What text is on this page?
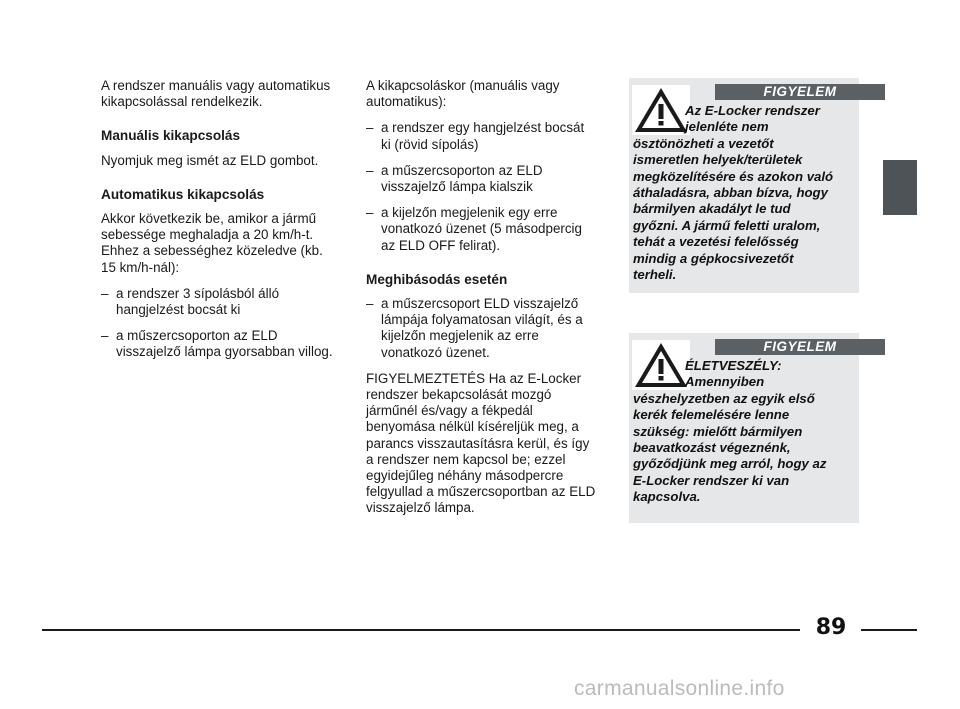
A rendszer manuális vagy automatikus kikapcsolással rendelkezik.

Manuális kikapcsolás

Nyomjuk meg ismét az ELD gombot.

Automatikus kikapcsolás

Akkor következik be, amikor a jármű sebessége meghaladja a 20 km/h-t. Ehhez a sebességhez közeledve (kb. 15 km/h-nál):

– a rendszer 3 sípolásból álló hangjelzést bocsát ki
– a műszercsoporton az ELD visszajelző lámpa gyorsabban villog.

A kikapcsoláskor (manuális vagy automatikus):

– a rendszer egy hangjelzést bocsát ki (rövid sípolás)
– a műszercsoporton az ELD visszajelző lámpa kialszik
– a kijelzőn megjelenik egy erre vonatkozó üzenet (5 másodpercig az ELD OFF felirat).
Meghibásodás esetén
– a műszercsoport ELD visszajelző lámpája folyamatosan világít, és a kijelzőn megjelenik az erre vonatkozó üzenet.

FIGYELMEZTETÉS Ha az E-Locker rendszer bekapcsolását mozgó járműnél és/vagy a fékpedál benyomása nélkül kíséreljük meg, a parancs visszautasításra kerül, és így a rendszer nem kapcsol be; ezzel egyidejűleg néhány másodpercre felgyullad a műszercsoportban az ELD visszajelző lámpa.

FIGYELEM
Az E-Locker rendszer
jelenléte nem
ösztönözheti a vezetőt
ismeretlen helyek/területek
megközelítésére és azokon való
áthaladásra, abban bízva, hogy
bármilyen akadályt le tud
győzni. A jármű feletti uralom,
tehát a vezetési felelősség
mindig a gépkocsivezetőt
terheli.
FIGYELEM
ÉLETVESZÉLY:
Amennyiben
vészhelyzetben az egyik első
kerék felemelésére lenne
szükség: mielőtt bármilyen
beavatkozást végeznénk,
győződjünk meg arról, hogy az
E-Locker rendszer ki van
kapcsolva.
89
carmanualsonline.info
